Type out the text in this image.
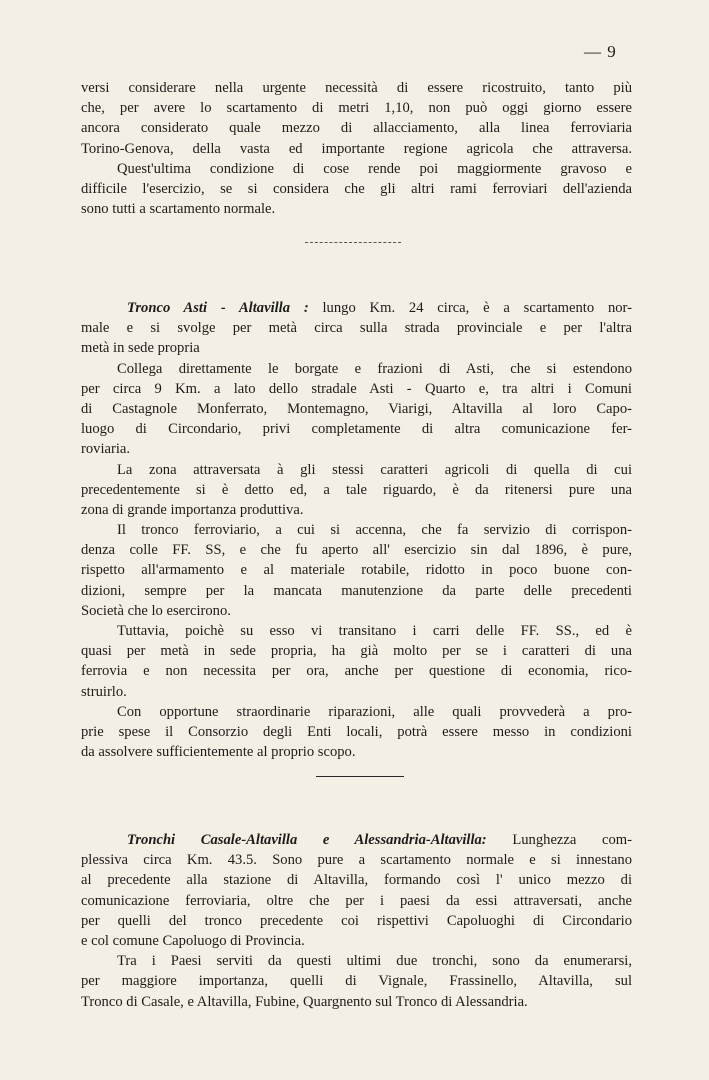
— 9
versi considerare nella urgente necessità di essere ricostruito, tanto più
che, per avere lo scartamento di metri 1,10, non può oggi giorno essere
ancora considerato quale mezzo di allacciamento, alla linea ferroviaria
Torino-Genova, della vasta ed importante regione agricola che attraversa.
Quest'ultima condizione di cose rende poi maggiormente gravoso e
difficile l'esercizio, se si considera che gli altri rami ferroviari dell'azienda
sono tutti a scartamento normale.
Tronco Asti - Altavilla : lungo Km. 24 circa, è a scartamento nor-
male e si svolge per metà circa sulla strada provinciale e per l'altra
metà in sede propria
Collega direttamente le borgate e frazioni di Asti, che si estendono
per circa 9 Km. a lato dello stradale Asti - Quarto e, tra altri i Comuni
di Castagnole Monferrato, Montemagno, Viarigi, Altavilla al loro Capo-
luogo di Circondario, privi completamente di altra comunicazione fer-
roviaria.
La zona attraversata à gli stessi caratteri agricoli di quella di cui
precedentemente si è detto ed, a tale riguardo, è da ritenersi pure una
zona di grande importanza produttiva.
Il tronco ferroviario, a cui si accenna, che fa servizio di corrispon-
denza colle FF. SS, e che fu aperto all' esercizio sin dal 1896, è pure,
rispetto all'armamento e al materiale rotabile, ridotto in poco buone con-
dizioni, sempre per la mancata manutenzione da parte delle precedenti
Società che lo esercirono.
Tuttavia, poichè su esso vi transitano i carri delle FF. SS., ed è
quasi per metà in sede propria, ha già molto per se i caratteri di una
ferrovia e non necessita per ora, anche per questione di economia, rico-
struirlo.
Con opportune straordinarie riparazioni, alle quali provvederà a pro-
prie spese il Consorzio degli Enti locali, potrà essere messo in condizioni
da assolvere sufficientemente al proprio scopo.
Tronchi Casale-Altavilla e Alessandria-Altavilla: Lunghezza com-
plessiva circa Km. 43.5. Sono pure a scartamento normale e si innestano
al precedente alla stazione di Altavilla, formando così l' unico mezzo di
comunicazione ferroviaria, oltre che per i paesi da essi attraversati, anche
per quelli del tronco precedente coi rispettivi Capoluoghi di Circondario
e col comune Capoluogo di Provincia.
Tra i Paesi serviti da questi ultimi due tronchi, sono da enumerarsi,
per maggiore importanza, quelli di Vignale, Frassinello, Altavilla, sul
Tronco di Casale, e Altavilla, Fubine, Quargnento sul Tronco di Alessandria.
